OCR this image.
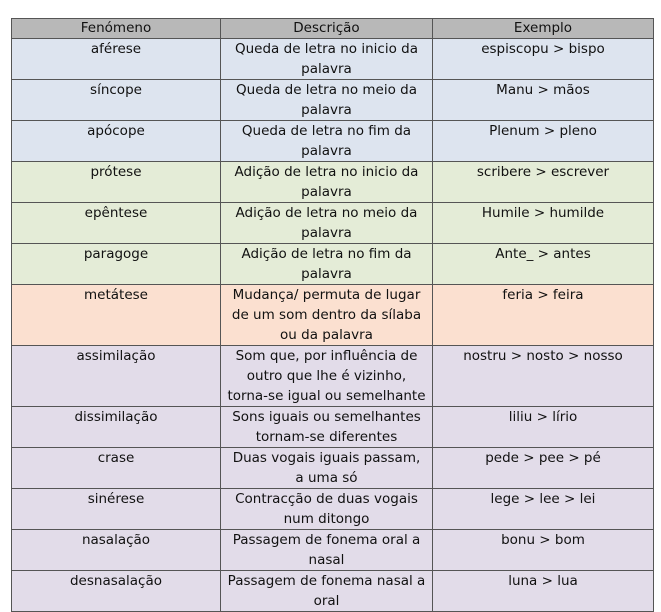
Fenómeno	Descrição	Exemplo
aférese	Queda de letra no inicio da palavra	espiscopu > bispo
síncope	Queda de letra no meio da palavra	Manu > mãos
apócope	Queda de letra no fim da palavra	Plenum > pleno
prótese	Adição de letra no inicio da palavra	scribere > escrever
epêntese	Adição de letra no meio da palavra	Humile > humilde
paragoge	Adição de letra no fim da palavra	Ante_ > antes
metátese	Mudança/ permuta de lugar de um som dentro da sílaba ou da palavra	feria > feira
assimilação	Som que, por influência de outro que lhe é vizinho, torna-se igual ou semelhante	nostru > nosto > nosso
dissimilação	Sons iguais ou semelhantes tornam-se diferentes	liliu > lírio
crase	Duas vogais iguais passam, a uma só	pede > pee > pé
sinérese	Contracção de duas vogais num ditongo	lege > lee > lei
nasalação	Passagem de fonema oral a nasal	bonu > bom
desnasalação	Passagem de fonema nasal a oral	luna > lua
